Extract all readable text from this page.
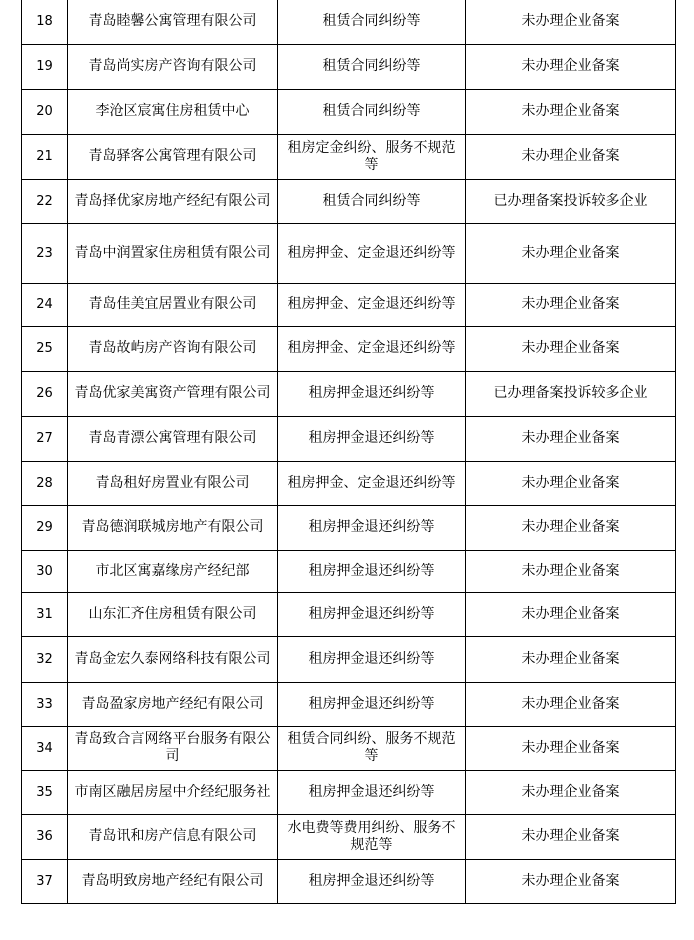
18	青岛睦馨公寓管理有限公司	租赁合同纠纷等	未办理企业备案
19	青岛尚实房产咨询有限公司	租赁合同纠纷等	未办理企业备案
20	李沧区宸寓住房租赁中心	租赁合同纠纷等	未办理企业备案
21	青岛驿客公寓管理有限公司	租房定金纠纷、服务不规范等	未办理企业备案
22	青岛择优家房地产经纪有限公司	租赁合同纠纷等	已办理备案投诉较多企业
23	青岛中润置家住房租赁有限公司	租房押金、定金退还纠纷等	未办理企业备案
24	青岛佳美宜居置业有限公司	租房押金、定金退还纠纷等	未办理企业备案
25	青岛故屿房产咨询有限公司	租房押金、定金退还纠纷等	未办理企业备案
26	青岛优家美寓资产管理有限公司	租房押金退还纠纷等	已办理备案投诉较多企业
27	青岛青漂公寓管理有限公司	租房押金退还纠纷等	未办理企业备案
28	青岛租好房置业有限公司	租房押金、定金退还纠纷等	未办理企业备案
29	青岛德润联城房地产有限公司	租房押金退还纠纷等	未办理企业备案
30	市北区寓嘉缘房产经纪部	租房押金退还纠纷等	未办理企业备案
31	山东汇齐住房租赁有限公司	租房押金退还纠纷等	未办理企业备案
32	青岛金宏久泰网络科技有限公司	租房押金退还纠纷等	未办理企业备案
33	青岛盈家房地产经纪有限公司	租房押金退还纠纷等	未办理企业备案
34	青岛致合言网络平台服务有限公司	租赁合同纠纷、服务不规范等	未办理企业备案
35	市南区融居房屋中介经纪服务社	租房押金退还纠纷等	未办理企业备案
36	青岛讯和房产信息有限公司	水电费等费用纠纷、服务不规范等	未办理企业备案
37	青岛明致房地产经纪有限公司	租房押金退还纠纷等	未办理企业备案
